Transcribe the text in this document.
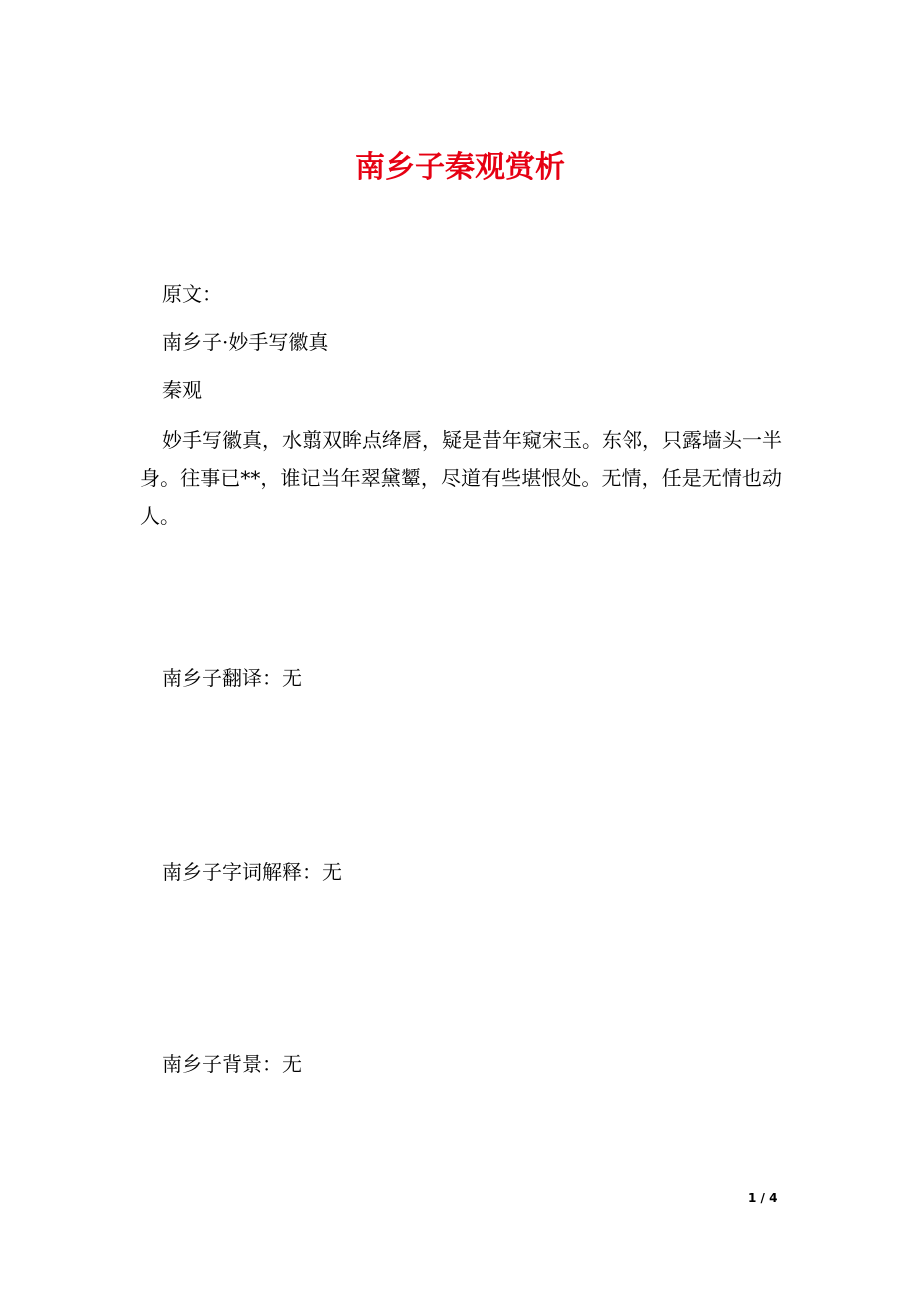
南乡子秦观赏析

原文：

南乡子·妙手写徽真

秦观

妙手写徽真，水翦双眸点绛唇，疑是昔年窥宋玉。东邻，只露墙头一半身。往事已**，谁记当年翠黛颦，尽道有些堪恨处。无情，任是无情也动人。

南乡子翻译：无

南乡子字词解释：无

南乡子背景：无

1 / 4
